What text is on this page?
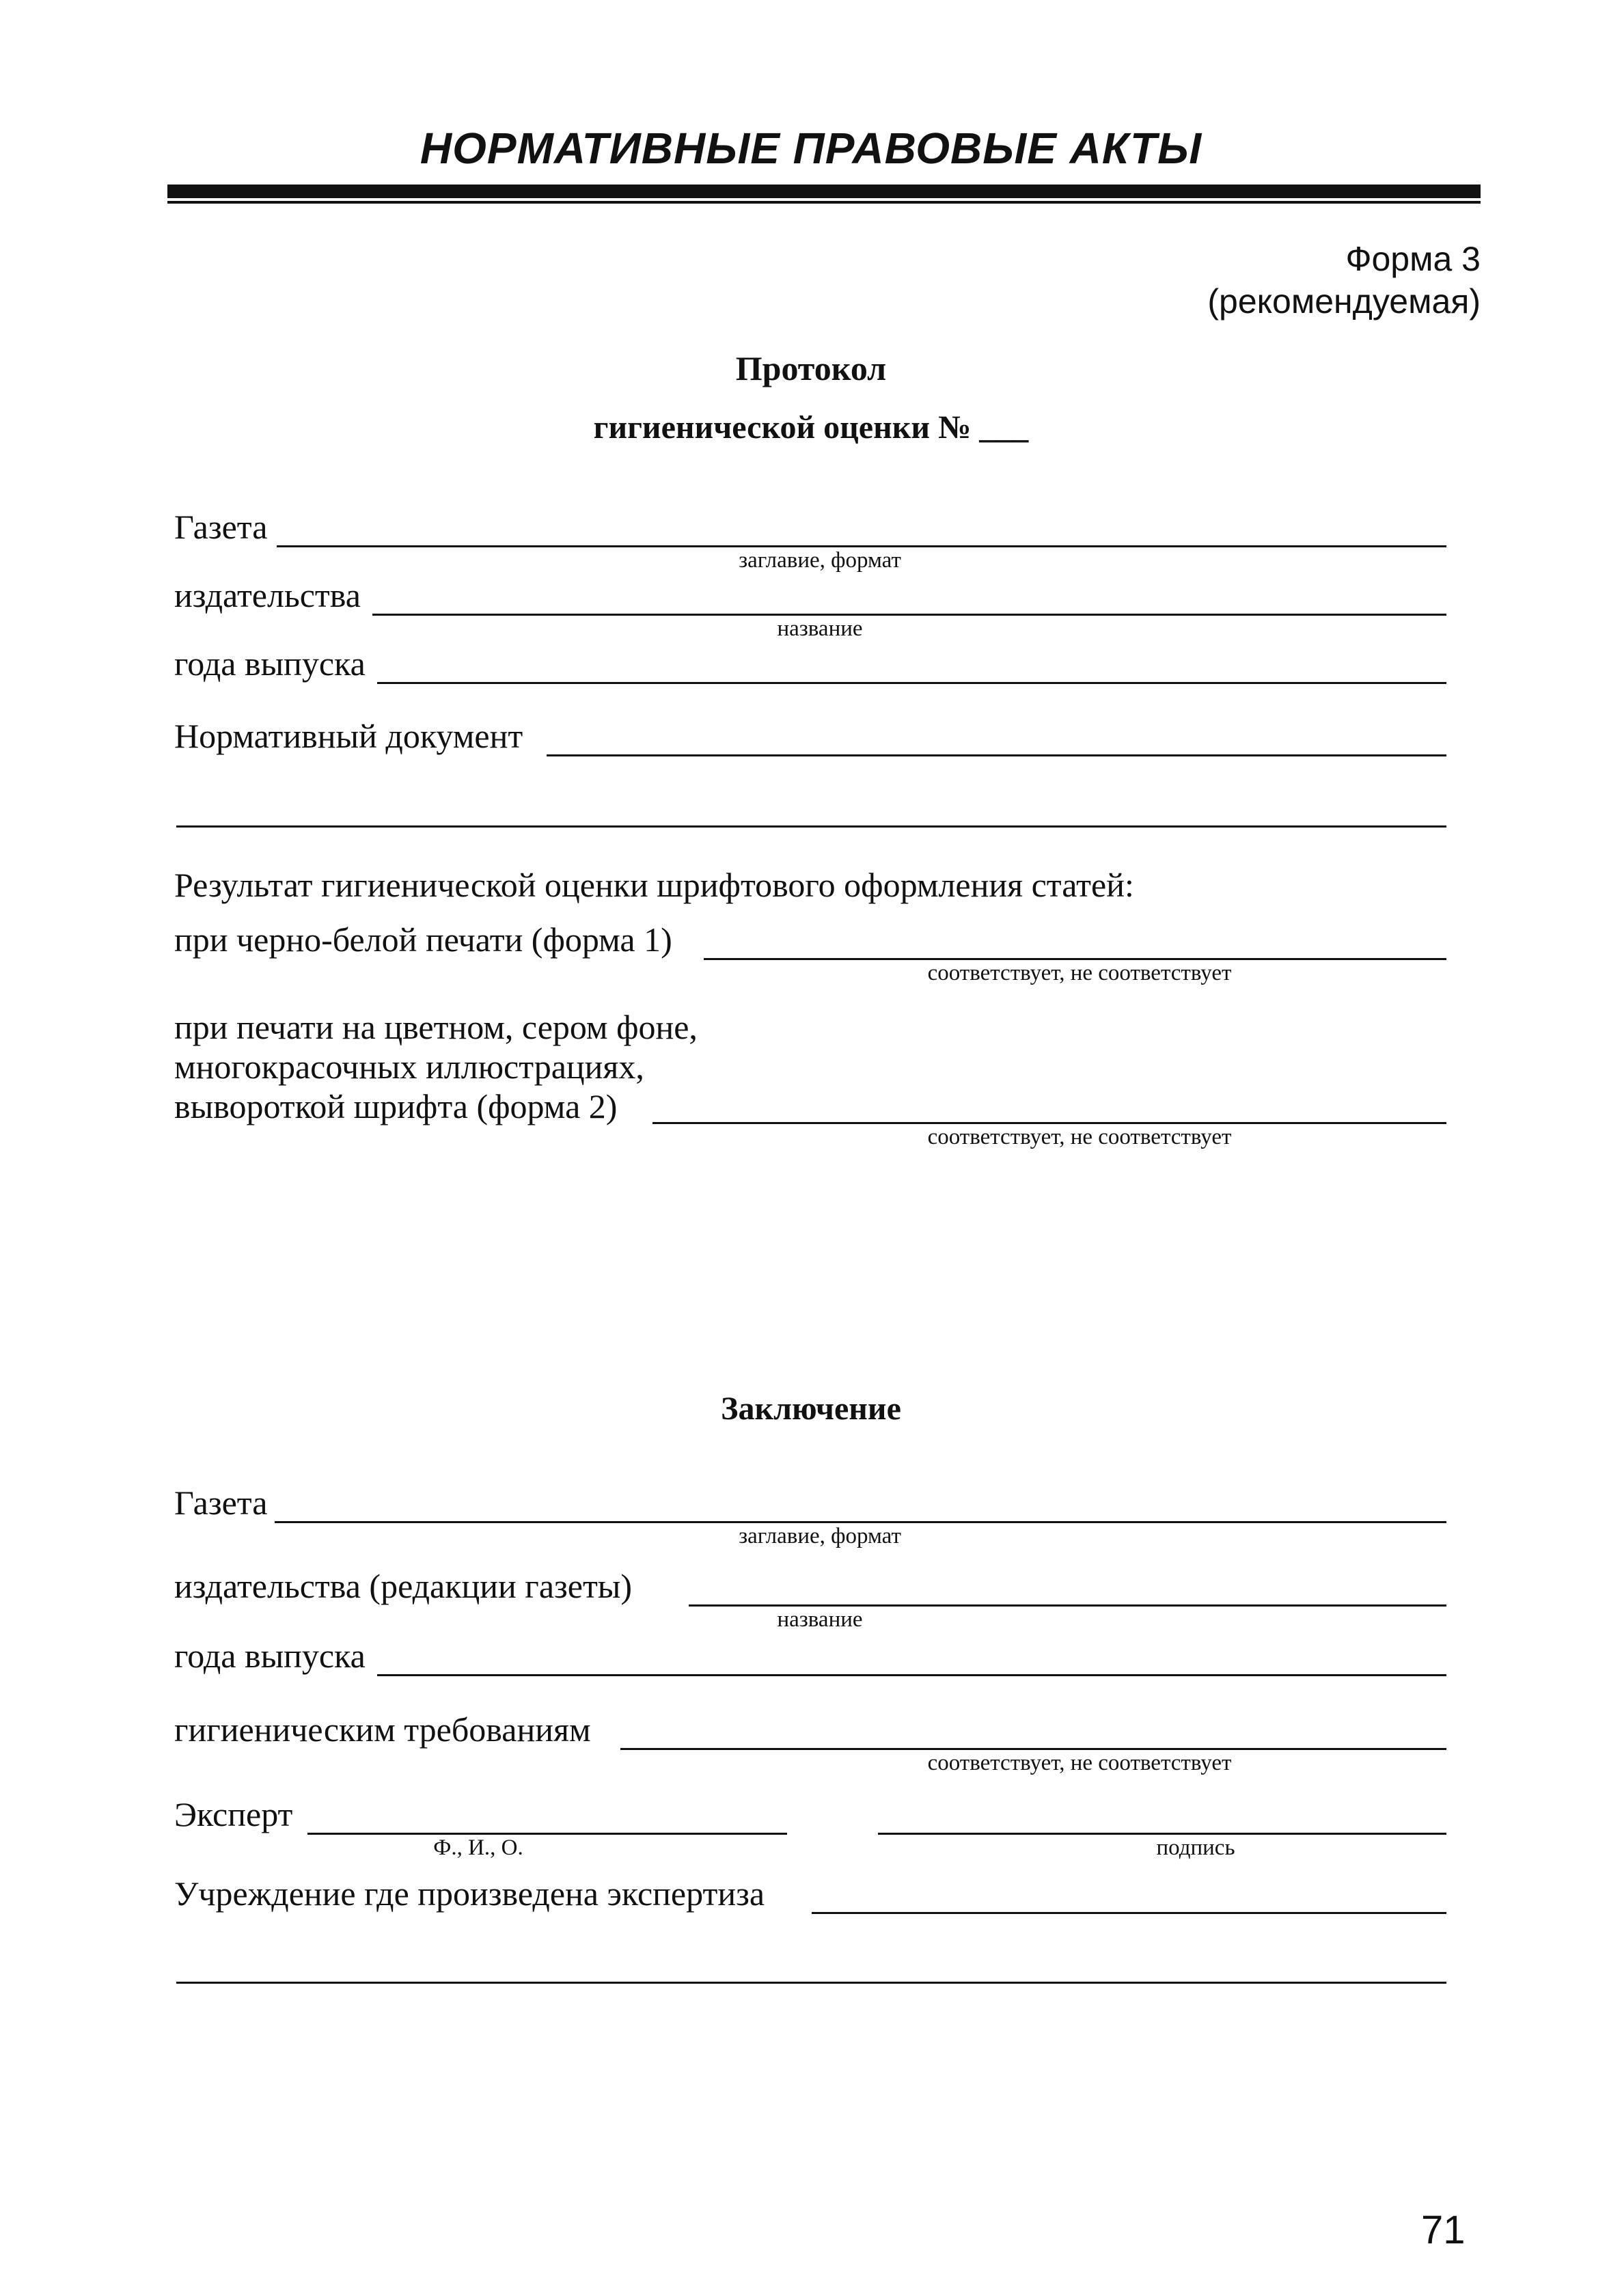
НОРМАТИВНЫЕ ПРАВОВЫЕ АКТЫ
Форма 3
(рекомендуемая)
Протокол
гигиенической оценки № ___
Газета
заглавие, формат
издательства
название
года выпуска
Нормативный документ
Результат гигиенической оценки шрифтового оформления статей:
при черно-белой печати (форма 1)
соответствует, не соответствует
при печати на цветном, сером фоне,
многокрасочных иллюстрациях,
вывороткой шрифта (форма 2)
соответствует, не соответствует
Заключение
Газета
заглавие, формат
издательства (редакции газеты)
название
года выпуска
гигиеническим требованиям
соответствует, не соответствует
Эксперт
Ф., И., О.	подпись
Учреждение где произведена экспертиза
71
